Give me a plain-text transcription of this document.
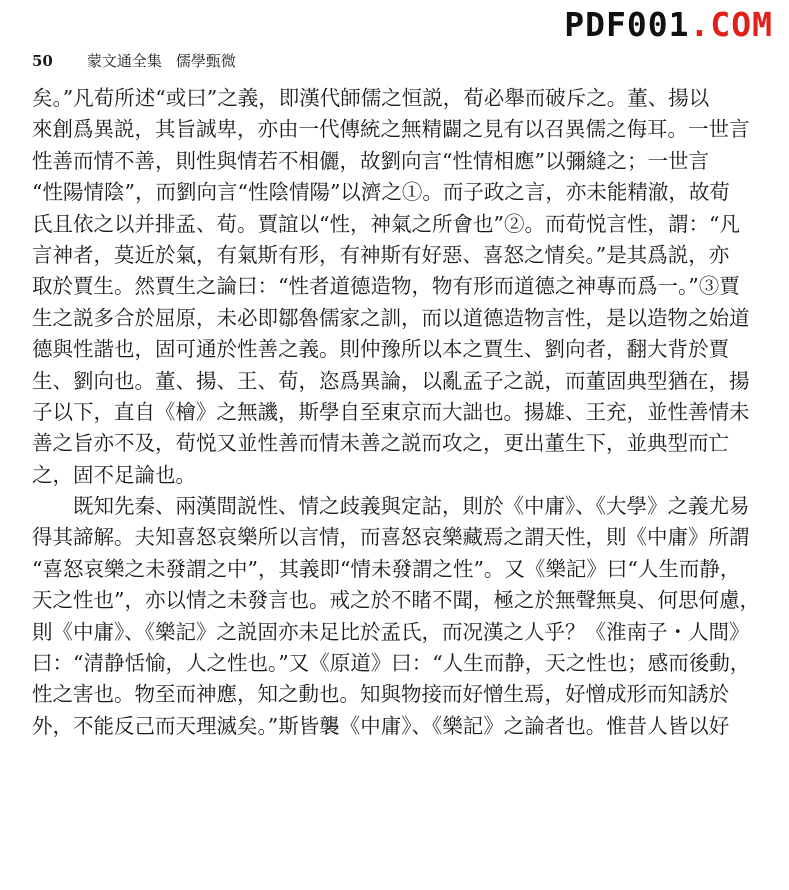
PDF001.COM
50 蒙文通全集 儒學甄微
矣。”凡荀所述“或曰”之義，即漢代師儒之恒説，荀必舉而破斥之。董、揚以
來創爲異説，其旨誠卑，亦由一代傳統之無精闢之見有以召異儒之侮耳。一世言
性善而情不善，則性與情若不相儷，故劉向言“性情相應”以彌縫之；一世言
“性陽情陰”，而劉向言“性陰情陽”以濟之①。而子政之言，亦未能精澈，故荀
氏且依之以并排孟、荀。賈誼以“性，神氣之所會也”②。而荀悦言性，謂：“凡
言神者，莫近於氣，有氣斯有形，有神斯有好惡、喜怒之情矣。”是其爲説，亦
取於賈生。然賈生之論曰：“性者道德造物，物有形而道德之神專而爲一。”③賈
生之説多合於屈原，未必即鄒魯儒家之訓，而以道德造物言性，是以造物之始道
德與性諧也，固可通於性善之義。則仲豫所以本之賈生、劉向者，翻大背於賈
生、劉向也。董、揚、王、荀，恣爲異論，以亂孟子之説，而董固典型猶在，揚
子以下，直自《檜》之無譏，斯學自至東京而大詘也。揚雄、王充，並性善情未
善之旨亦不及，荀悦又並性善而情未善之説而攻之，更出董生下，並典型而亡
之，固不足論也。
既知先秦、兩漢間説性、情之歧義與定詁，則於《中庸》、《大學》之義尤易
得其諦解。夫知喜怒哀樂所以言情，而喜怒哀樂藏焉之謂天性，則《中庸》所謂
“喜怒哀樂之未發謂之中”，其義即“情未發謂之性”。又《樂記》曰“人生而静，
天之性也”，亦以情之未發言也。戒之於不睹不聞，極之於無聲無臭、何思何慮，
則《中庸》、《樂記》之説固亦未足比於孟氏，而况漢之人乎？《淮南子・人間》
曰：“清静恬愉，人之性也。”又《原道》曰：“人生而静，天之性也；感而後動，
性之害也。物至而神應，知之動也。知與物接而好憎生焉，好憎成形而知誘於
外，不能反己而天理滅矣。”斯皆襲《中庸》、《樂記》之論者也。惟昔人皆以好
